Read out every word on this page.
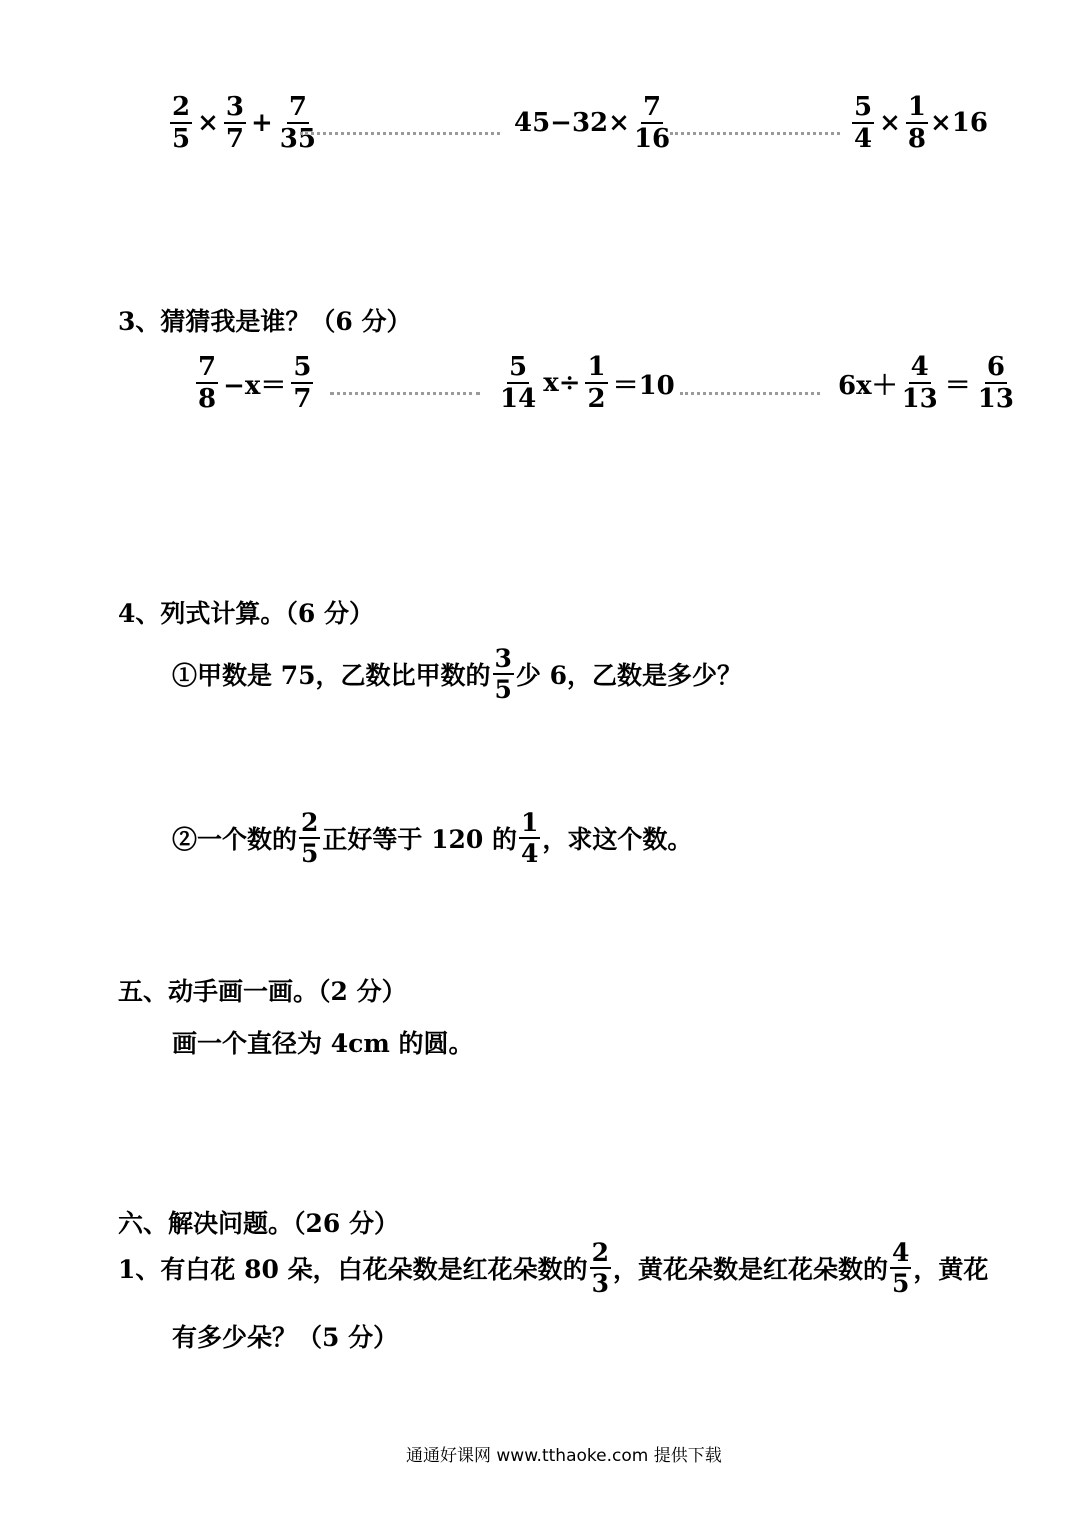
$\frac{2}{5} \times \frac{3}{7} + \frac{7}{35}$	$45-32\times \frac{7}{16}$	$\frac{5}{4} \times \frac{1}{8} \times 16$
3、猜猜我是谁？（6 分）
$\frac{7}{8} -x= \frac{5}{7}$	$\frac{5}{14} x\div \frac{1}{2} =10$	$6x+ \frac{4}{13} = \frac{6}{13}$
4、列式计算。（6 分）
①甲数是 75，乙数比甲数的 $\frac{3}{5}$ 少 6，乙数是多少？
②一个数的 $\frac{2}{5}$ 正好等于 120 的 $\frac{1}{4}$ ，求这个数。
五、动手画一画。（2 分）
画一个直径为 4cm 的圆。
六、解决问题。（26 分）
1、有白花 80 朵，白花朵数是红花朵数的 $\frac{2}{3}$ ，黄花朵数是红花朵数的 $\frac{4}{5}$ ，黄花
有多少朵？（5 分）
通通好课网 www.tthaoke.com 提供下载
